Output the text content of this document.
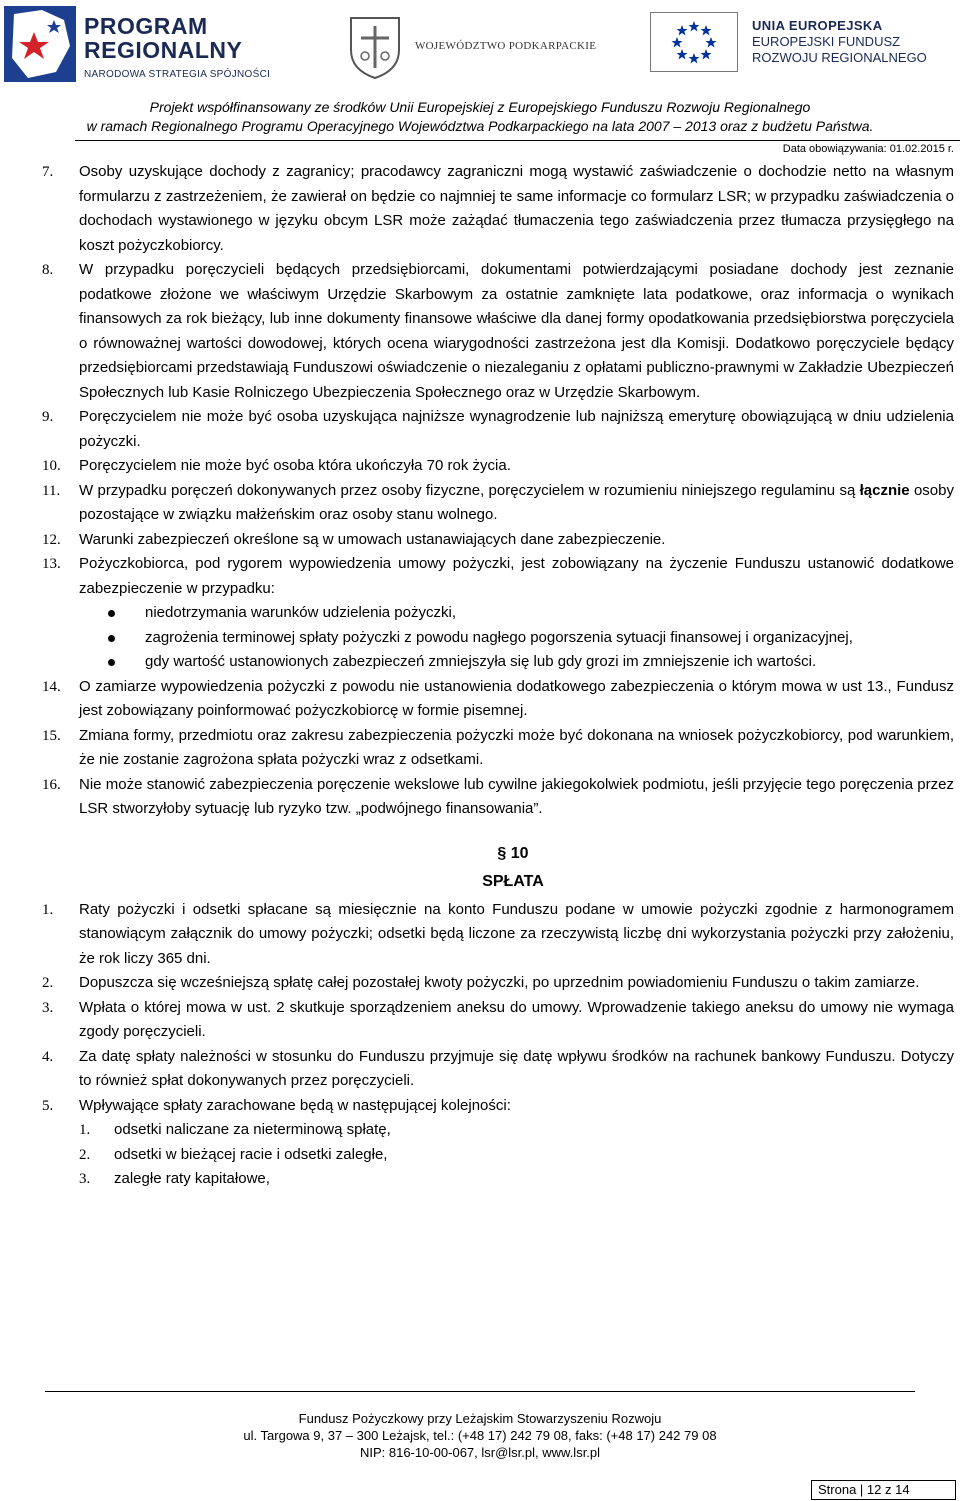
PROGRAM
REGIONALNY
NARODOWA STRATEGIA SPÓJNOŚCI
WOJEWÓDZTWO PODKARPACKIE
UNIA EUROPEJSKA
EUROPEJSKI FUNDUSZ
ROZWOJU REGIONALNEGO
Projekt współfinansowany ze środków Unii Europejskiej z Europejskiego Funduszu Rozwoju Regionalnego
w ramach Regionalnego Programu Operacyjnego Województwa Podkarpackiego na lata 2007 – 2013 oraz z budżetu Państwa.
Data obowiązywania: 01.02.2015 r.

7. Osoby uzyskujące dochody z zagranicy; pracodawcy zagraniczni mogą wystawić zaświadczenie o dochodzie netto na własnym formularzu z zastrzeżeniem, że zawierał on będzie co najmniej te same informacje co formularz LSR; w przypadku zaświadczenia o dochodach wystawionego w języku obcym LSR może zażądać tłumaczenia tego zaświadczenia przez tłumacza przysięgłego na koszt pożyczkobiorcy.

8. W przypadku poręczycieli będących przedsiębiorcami, dokumentami potwierdzającymi posiadane dochody jest zeznanie podatkowe złożone we właściwym Urzędzie Skarbowym za ostatnie zamknięte lata podatkowe, oraz informacja o wynikach finansowych za rok bieżący, lub inne dokumenty finansowe właściwe dla danej formy opodatkowania przedsiębiorstwa poręczyciela o równoważnej wartości dowodowej, których ocena wiarygodności zastrzeżona jest dla Komisji. Dodatkowo poręczyciele będący przedsiębiorcami przedstawiają Funduszowi oświadczenie o niezaleganiu z opłatami publiczno-prawnymi w Zakładzie Ubezpieczeń Społecznych lub Kasie Rolniczego Ubezpieczenia Społecznego oraz w Urzędzie Skarbowym.

9. Poręczycielem nie może być osoba uzyskująca najniższe wynagrodzenie lub najniższą emeryturę obowiązującą w dniu udzielenia pożyczki.

10. Poręczycielem nie może być osoba która ukończyła 70 rok życia.

11. W przypadku poręczeń dokonywanych przez osoby fizyczne, poręczycielem w rozumieniu niniejszego regulaminu są łącznie osoby pozostające w związku małżeńskim oraz osoby stanu wolnego.

12. Warunki zabezpieczeń określone są w umowach ustanawiających dane zabezpieczenie.

13. Pożyczkobiorca, pod rygorem wypowiedzenia umowy pożyczki, jest zobowiązany na życzenie Funduszu ustanowić dodatkowe zabezpieczenie w przypadku:
niedotrzymania warunków udzielenia pożyczki,
zagrożenia terminowej spłaty pożyczki z powodu nagłego pogorszenia sytuacji finansowej i organizacyjnej,
gdy wartość ustanowionych zabezpieczeń zmniejszyła się lub gdy grozi im zmniejszenie ich wartości.

14. O zamiarze wypowiedzenia pożyczki z powodu nie ustanowienia dodatkowego zabezpieczenia o którym mowa w ust 13., Fundusz jest zobowiązany poinformować pożyczkobiorcę w formie pisemnej.

15. Zmiana formy, przedmiotu oraz zakresu zabezpieczenia pożyczki może być dokonana na wniosek pożyczkobiorcy, pod warunkiem, że nie zostanie zagrożona spłata pożyczki wraz z odsetkami.

16. Nie może stanowić zabezpieczenia poręczenie wekslowe lub cywilne jakiegokolwiek podmiotu, jeśli przyjęcie tego poręczenia przez LSR stworzyłoby sytuację lub ryzyko tzw. „podwójnego finansowania”.

§ 10
SPŁATA

1. Raty pożyczki i odsetki spłacane są miesięcznie na konto Funduszu podane w umowie pożyczki zgodnie z harmonogramem stanowiącym załącznik do umowy pożyczki; odsetki będą liczone za rzeczywistą liczbę dni wykorzystania pożyczki przy założeniu, że rok liczy 365 dni.

2. Dopuszcza się wcześniejszą spłatę całej pozostałej kwoty pożyczki, po uprzednim powiadomieniu Funduszu o takim zamiarze.

3. Wpłata o której mowa w ust. 2 skutkuje sporządzeniem aneksu do umowy. Wprowadzenie takiego aneksu do umowy nie wymaga zgody poręczycieli.

4. Za datę spłaty należności w stosunku do Funduszu przyjmuje się datę wpływu środków na rachunek bankowy Funduszu. Dotyczy to również spłat dokonywanych przez poręczycieli.

5. Wpływające spłaty zarachowane będą w następującej kolejności:
1. odsetki naliczane za nieterminową spłatę,
2. odsetki w bieżącej racie i odsetki zaległe,
3. zaległe raty kapitałowe,
Fundusz Pożyczkowy przy Leżajskim Stowarzyszeniu Rozwoju
ul. Targowa 9, 37 – 300 Leżajsk, tel.: (+48 17) 242 79 08, faks: (+48 17) 242 79 08
NIP: 816-10-00-067, lsr@lsr.pl, www.lsr.pl
Strona | 12 z 14
